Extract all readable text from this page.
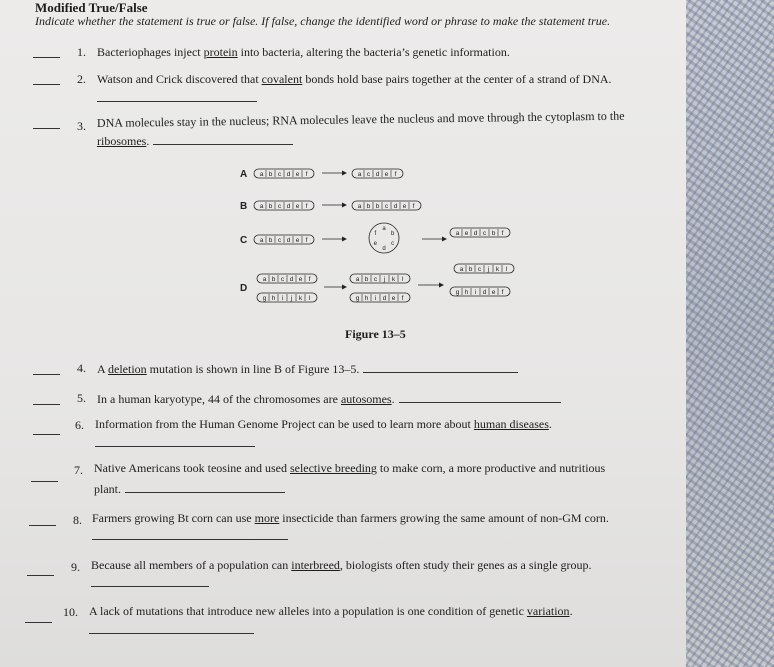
Modified True/False
Indicate whether the statement is true or false. If false, change the identified word or phrase to make the statement true.
1. Bacteriophages inject protein into bacteria, altering the bacteria’s genetic information.
2. Watson and Crick discovered that covalent bonds hold base pairs together at the center of a strand of DNA.
3. DNA molecules stay in the nucleus; RNA molecules leave the nucleus and move through the cytoplasm to the
ribosomes.
A a b c d e f	a c d e f
B a b c d e f	a b b c d e f
C a b c d e f
a
b
c
d
e
f	a e d c b f
D
a b c d e f
g h i j k l
a b c j k l
g h i d e f
a b c j k l
g h i d e f
Figure 13–5
4. A deletion mutation is shown in line B of Figure 13–5.
5. In a human karyotype, 44 of the chromosomes are autosomes.
6. Information from the Human Genome Project can be used to learn more about human diseases.
7. Native Americans took teosine and used selective breeding to make corn, a more productive and nutritious
plant.
8. Farmers growing Bt corn can use more insecticide than farmers growing the same amount of non-GM corn.
9. Because all members of a population can interbreed, biologists often study their genes as a single group.
10. A lack of mutations that introduce new alleles into a population is one condition of genetic variation.
